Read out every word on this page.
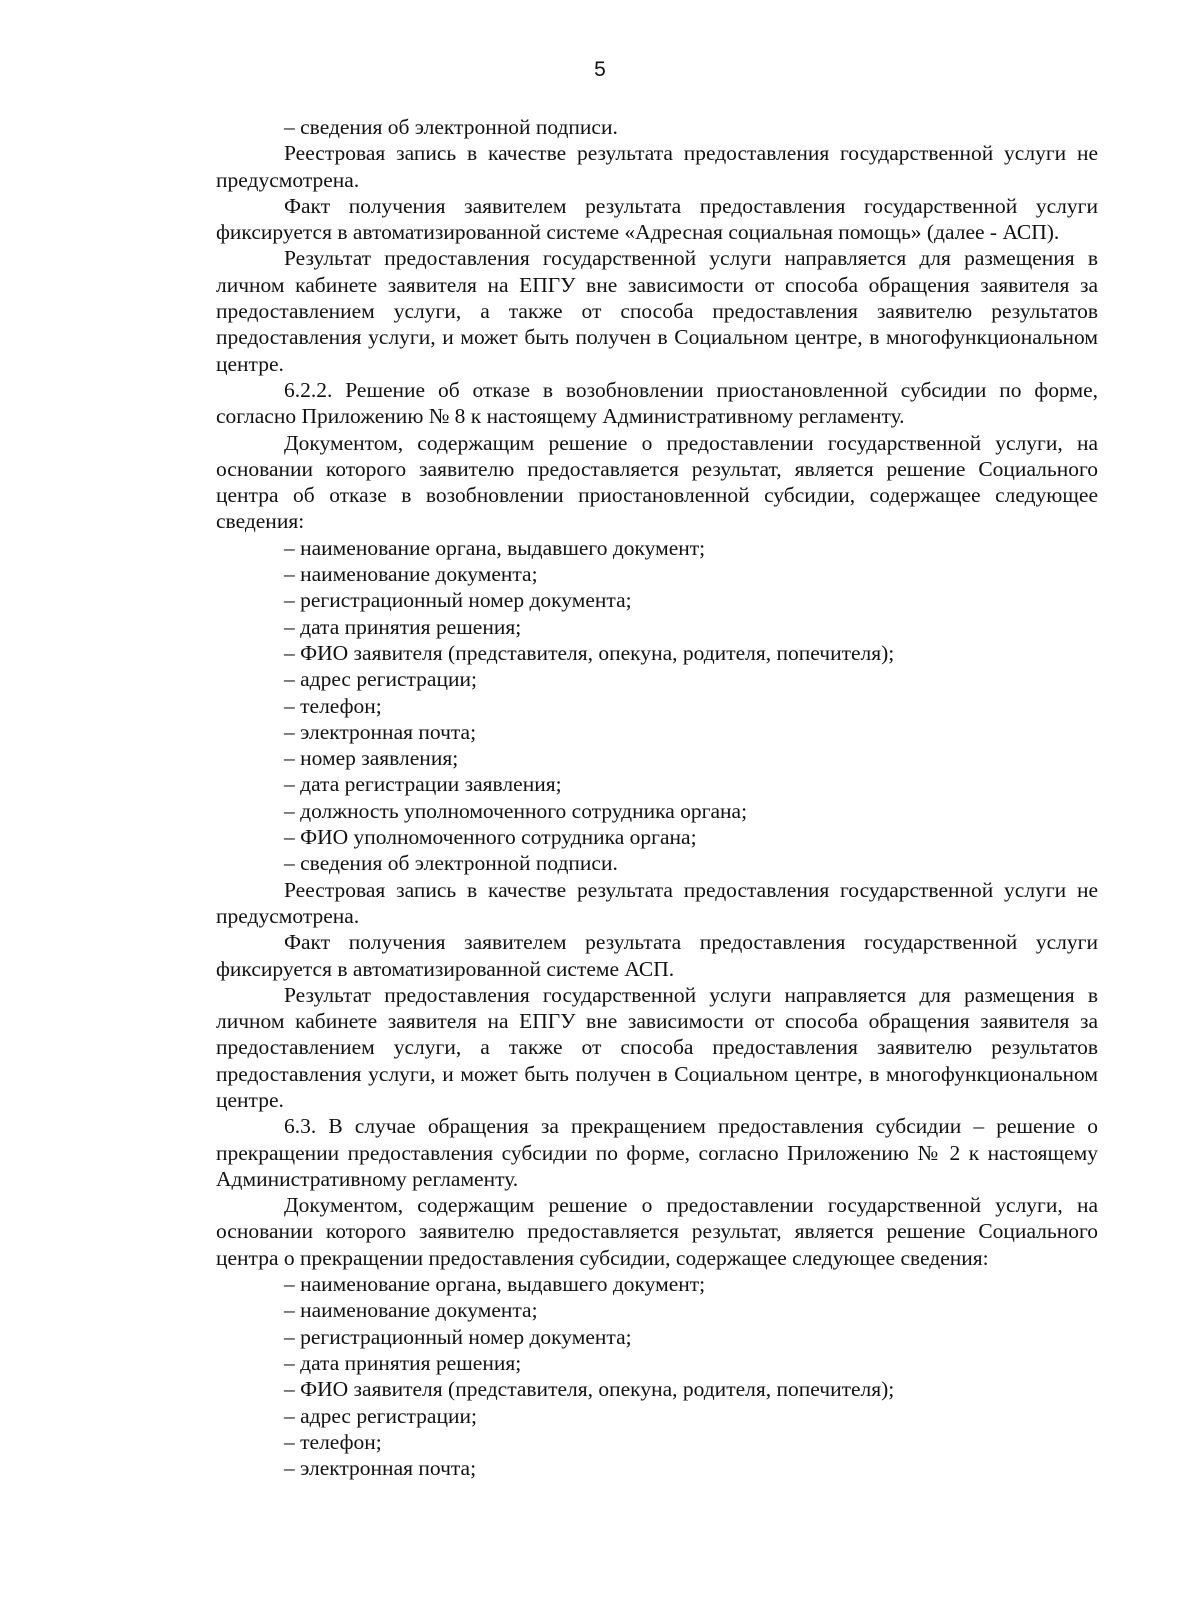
5

– сведения об электронной подписи.

Реестровая запись в качестве результата предоставления государственной услуги не предусмотрена.

Факт получения заявителем результата предоставления государственной услуги фиксируется в автоматизированной системе «Адресная социальная помощь» (далее - АСП).

Результат предоставления государственной услуги направляется для размещения в личном кабинете заявителя на ЕПГУ вне зависимости от способа обращения заявителя за предоставлением услуги, а также от способа предоставления заявителю результатов предоставления услуги, и может быть получен в Социальном центре, в многофункциональном центре.

6.2.2. Решение об отказе в возобновлении приостановленной субсидии по форме, согласно Приложению № 8 к настоящему Административному регламенту.

Документом, содержащим решение о предоставлении государственной услуги, на основании которого заявителю предоставляется результат, является решение Социального центра об отказе в возобновлении приостановленной субсидии, содержащее следующее сведения:

– наименование органа, выдавшего документ;

– наименование документа;

– регистрационный номер документа;

– дата принятия решения;

– ФИО заявителя (представителя, опекуна, родителя, попечителя);

– адрес регистрации;

– телефон;

– электронная почта;

– номер заявления;

– дата регистрации заявления;

– должность уполномоченного сотрудника органа;

– ФИО уполномоченного сотрудника органа;

– сведения об электронной подписи.

Реестровая запись в качестве результата предоставления государственной услуги не предусмотрена.

Факт получения заявителем результата предоставления государственной услуги фиксируется в автоматизированной системе АСП.

Результат предоставления государственной услуги направляется для размещения в личном кабинете заявителя на ЕПГУ вне зависимости от способа обращения заявителя за предоставлением услуги, а также от способа предоставления заявителю результатов предоставления услуги, и может быть получен в Социальном центре, в многофункциональном центре.

6.3. В случае обращения за прекращением предоставления субсидии – решение о прекращении предоставления субсидии по форме, согласно Приложению № 2 к настоящему Административному регламенту.

Документом, содержащим решение о предоставлении государственной услуги, на основании которого заявителю предоставляется результат, является решение Социального центра о прекращении предоставления субсидии, содержащее следующее сведения:

– наименование органа, выдавшего документ;

– наименование документа;

– регистрационный номер документа;

– дата принятия решения;

– ФИО заявителя (представителя, опекуна, родителя, попечителя);

– адрес регистрации;

– телефон;

– электронная почта;
